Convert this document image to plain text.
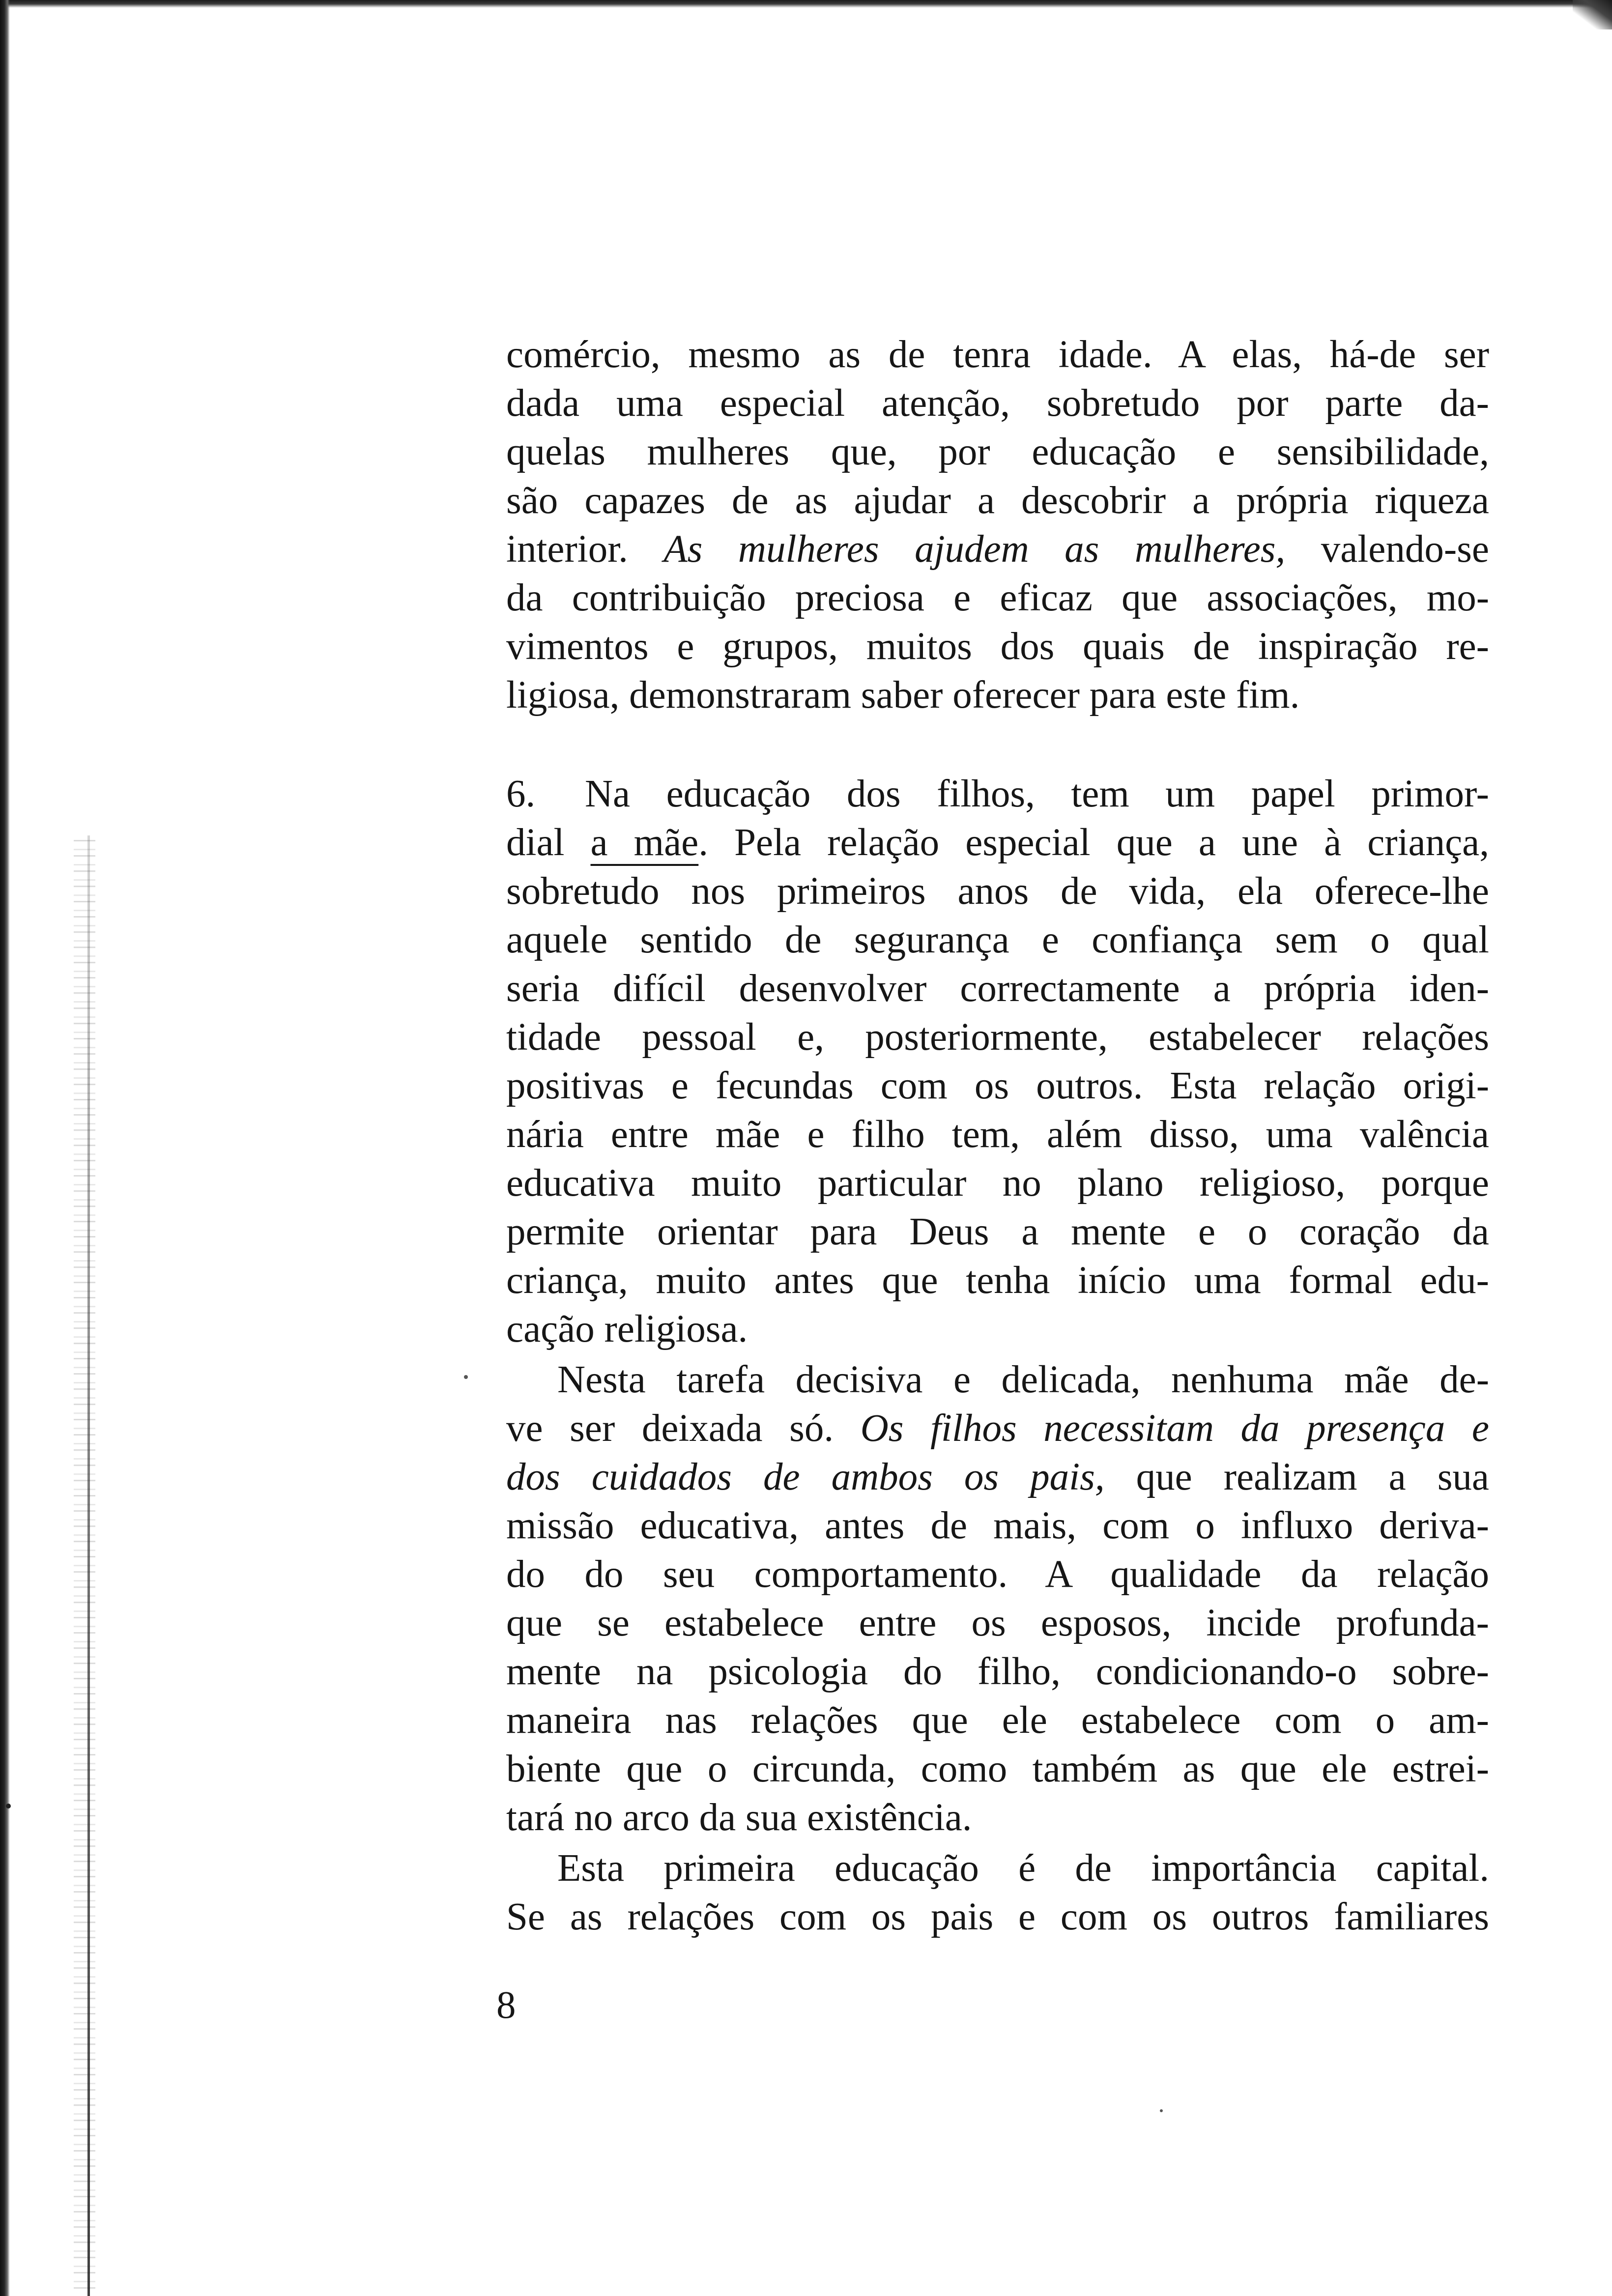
comércio, mesmo as de tenra idade. A elas, há-de ser
dada uma especial atenção, sobretudo por parte da-
quelas mulheres que, por educação e sensibilidade,
são capazes de as ajudar a descobrir a própria riqueza
interior. As mulheres ajudem as mulheres, valendo-se
da contribuição preciosa e eficaz que associações, mo-
vimentos e grupos, muitos dos quais de inspiração re-
ligiosa, demonstraram saber oferecer para este fim.
6. Na educação dos filhos, tem um papel primor-
dial a mãe. Pela relação especial que a une à criança,
sobretudo nos primeiros anos de vida, ela oferece-lhe
aquele sentido de segurança e confiança sem o qual
seria difícil desenvolver correctamente a própria iden-
tidade pessoal e, posteriormente, estabelecer relações
positivas e fecundas com os outros. Esta relação origi-
nária entre mãe e filho tem, além disso, uma valência
educativa muito particular no plano religioso, porque
permite orientar para Deus a mente e o coração da
criança, muito antes que tenha início uma formal edu-
cação religiosa.
Nesta tarefa decisiva e delicada, nenhuma mãe de-
ve ser deixada só. Os filhos necessitam da presença e
dos cuidados de ambos os pais, que realizam a sua
missão educativa, antes de mais, com o influxo deriva-
do do seu comportamento. A qualidade da relação
que se estabelece entre os esposos, incide profunda-
mente na psicologia do filho, condicionando-o sobre-
maneira nas relações que ele estabelece com o am-
biente que o circunda, como também as que ele estrei-
tará no arco da sua existência.
Esta primeira educação é de importância capital.
Se as relações com os pais e com os outros familiares
8
